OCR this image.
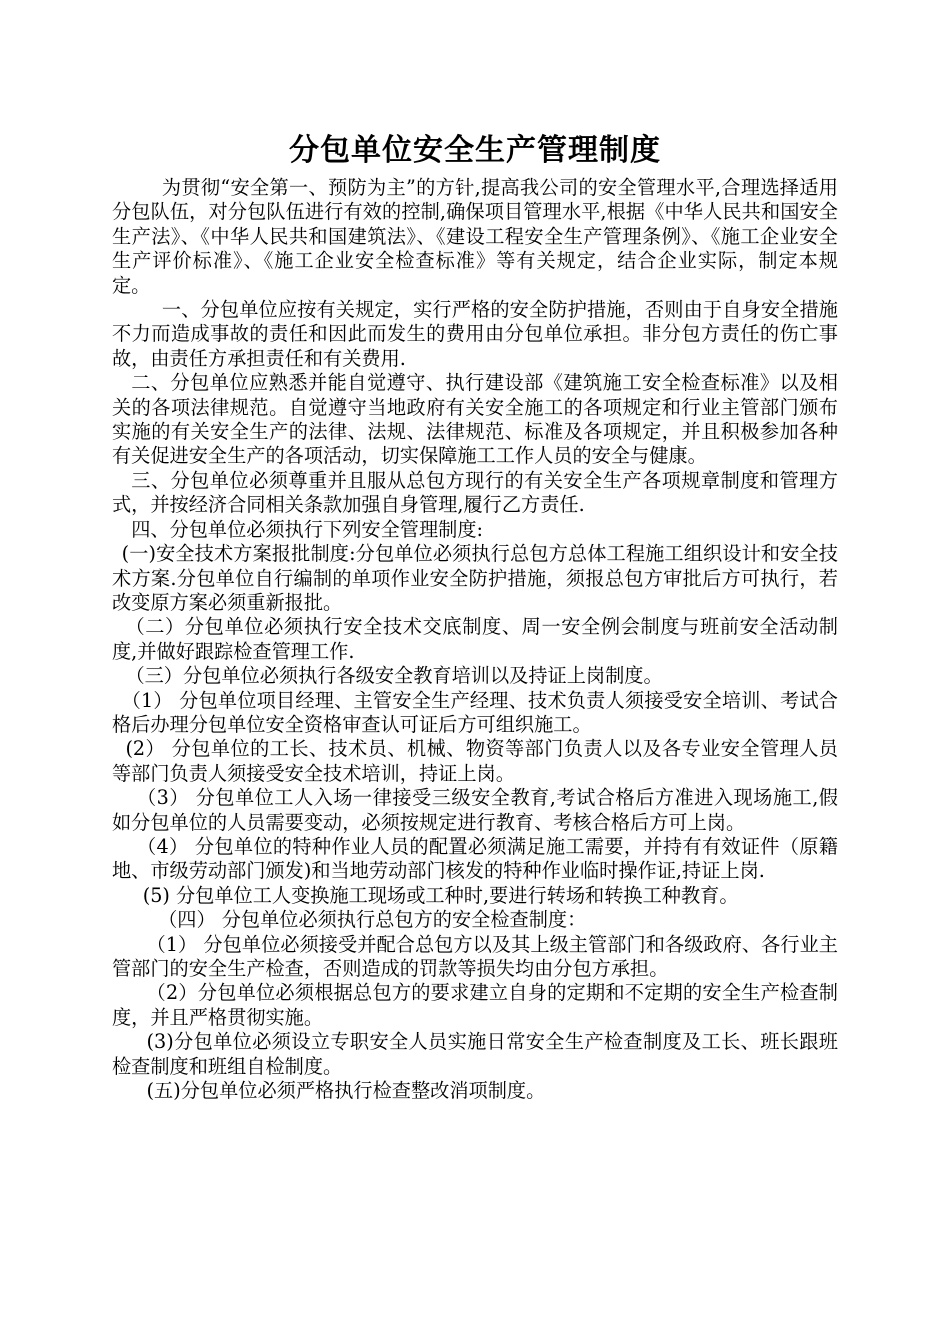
分包单位安全生产管理制度

为贯彻“安全第一、预防为主”的方针,提高我公司的安全管理水平,合理选择适用分包队伍，对分包队伍进行有效的控制,确保项目管理水平,根据《中华人民共和国安全生产法》、《中华人民共和国建筑法》、《建设工程安全生产管理条例》、《施工企业安全生产评价标准》、《施工企业安全检查标准》等有关规定，结合企业实际，制定本规定。

一、分包单位应按有关规定，实行严格的安全防护措施，否则由于自身安全措施不力而造成事故的责任和因此而发生的费用由分包单位承担。非分包方责任的伤亡事故，由责任方承担责任和有关费用.

二、分包单位应熟悉并能自觉遵守、执行建设部《建筑施工安全检查标准》以及相关的各项法律规范。自觉遵守当地政府有关安全施工的各项规定和行业主管部门颁布实施的有关安全生产的法律、法规、法律规范、标准及各项规定，并且积极参加各种有关促进安全生产的各项活动，切实保障施工工作人员的安全与健康。

三、分包单位必须尊重并且服从总包方现行的有关安全生产各项规章制度和管理方式，并按经济合同相关条款加强自身管理,履行乙方责任.

四、分包单位必须执行下列安全管理制度:

(一)安全技术方案报批制度:分包单位必须执行总包方总体工程施工组织设计和安全技术方案.分包单位自行编制的单项作业安全防护措施，须报总包方审批后方可执行，若改变原方案必须重新报批。

（二）分包单位必须执行安全技术交底制度、周一安全例会制度与班前安全活动制度,并做好跟踪检查管理工作.

（三）分包单位必须执行各级安全教育培训以及持证上岗制度。

（1） 分包单位项目经理、主管安全生产经理、技术负责人须接受安全培训、考试合格后办理分包单位安全资格审查认可证后方可组织施工。

(2） 分包单位的工长、技术员、机械、物资等部门负责人以及各专业安全管理人员等部门负责人须接受安全技术培训，持证上岗。

（3） 分包单位工人入场一律接受三级安全教育,考试合格后方准进入现场施工,假如分包单位的人员需要变动，必须按规定进行教育、考核合格后方可上岗。

（4） 分包单位的特种作业人员的配置必须满足施工需要，并持有有效证件（原籍地、市级劳动部门颁发)和当地劳动部门核发的特种作业临时操作证,持证上岗.

(5) 分包单位工人变换施工现场或工种时,要进行转场和转换工种教育。

（四） 分包单位必须执行总包方的安全检查制度：

（1） 分包单位必须接受并配合总包方以及其上级主管部门和各级政府、各行业主管部门的安全生产检查，否则造成的罚款等损失均由分包方承担。

（2）分包单位必须根据总包方的要求建立自身的定期和不定期的安全生产检查制度，并且严格贯彻实施。

(3)分包单位必须设立专职安全人员实施日常安全生产检查制度及工长、班长跟班检查制度和班组自检制度。

(五)分包单位必须严格执行检查整改消项制度。
